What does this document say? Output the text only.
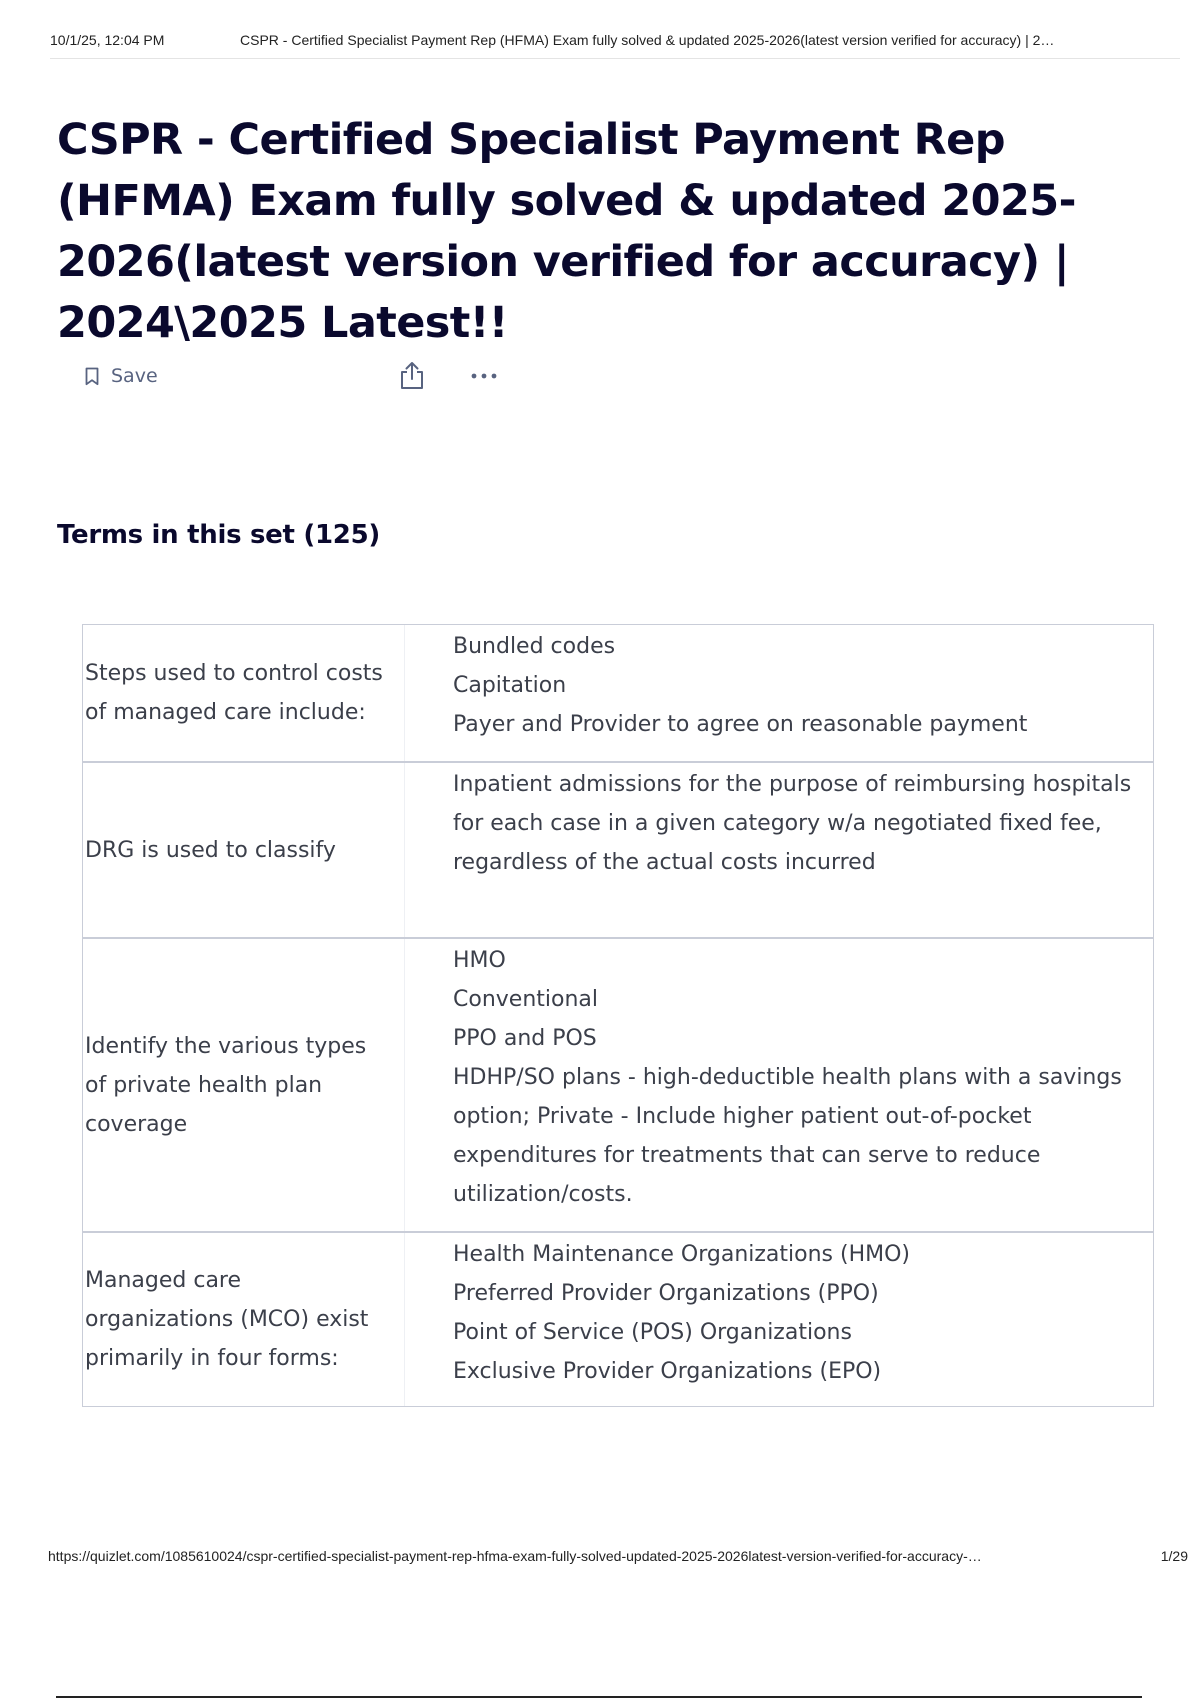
10/1/25, 12:04 PM	CSPR - Certified Specialist Payment Rep (HFMA) Exam fully solved & updated 2025-2026(latest version verified for accuracy) | 2…
CSPR - Certified Specialist Payment Rep (HFMA) Exam fully solved & updated 2025-2026(latest version verified for accuracy) | 2024\2025 Latest!!
Save
Terms in this set (125)
Steps used to control costs of managed care include:
Bundled codes
Capitation
Payer and Provider to agree on reasonable payment
DRG is used to classify
Inpatient admissions for the purpose of reimbursing hospitals for each case in a given category w/a negotiated fixed fee, regardless of the actual costs incurred
Identify the various types of private health plan coverage
HMO
Conventional
PPO and POS
HDHP/SO plans - high-deductible health plans with a savings option; Private - Include higher patient out-of-pocket expenditures for treatments that can serve to reduce utilization/costs.
Managed care organizations (MCO) exist primarily in four forms:
Health Maintenance Organizations (HMO)
Preferred Provider Organizations (PPO)
Point of Service (POS) Organizations
Exclusive Provider Organizations (EPO)
https://quizlet.com/1085610024/cspr-certified-specialist-payment-rep-hfma-exam-fully-solved-updated-2025-2026latest-version-verified-for-accuracy-…	1/29
